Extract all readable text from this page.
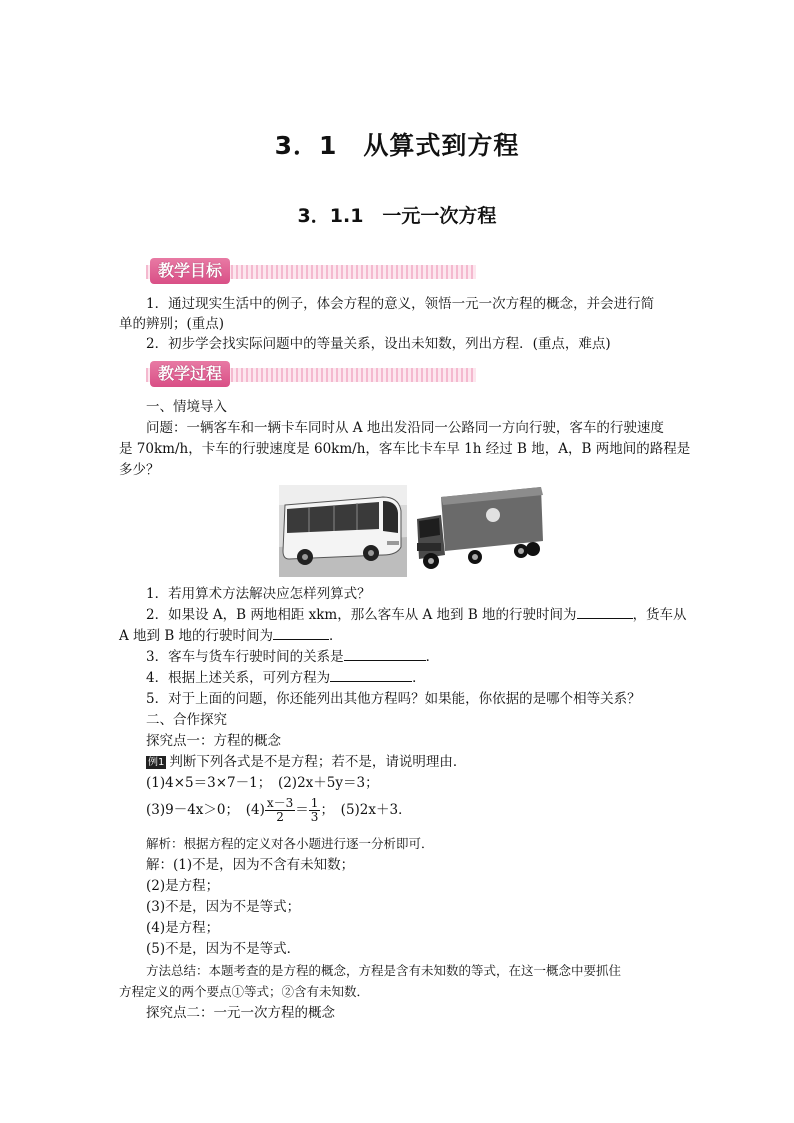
3．1　从算式到方程
3．1.1　一元一次方程
教学目标
1．通过现实生活中的例子，体会方程的意义，领悟一元一次方程的概念，并会进行简
单的辨别；(重点)
2．初步学会找实际问题中的等量关系，设出未知数，列出方程．(重点，难点)
教学过程
一、情境导入
问题：一辆客车和一辆卡车同时从 A 地出发沿同一公路同一方向行驶，客车的行驶速度
是 70km/h，卡车的行驶速度是 60km/h，客车比卡车早 1h 经过 B 地，A，B 两地间的路程是
多少？
1．若用算术方法解决应怎样列算式？
2．如果设 A，B 两地相距 xkm，那么客车从 A 地到 B 地的行驶时间为	，货车从
A 地到 B 地的行驶时间为	．
3．客车与货车行驶时间的关系是	．
4．根据上述关系，可列方程为	．
5．对于上面的问题，你还能列出其他方程吗？如果能，你依据的是哪个相等关系？
二、合作探究
探究点一：方程的概念
例1 判断下列各式是不是方程；若不是，请说明理由．
(1)4×5＝3×7－1；　(2)2x＋5y＝3；
(3)9－4x＞0；　$(4) \frac{x-3}{2} = \frac{1}{3}$ ；　(5)2x＋3．
解析：根据方程的定义对各小题进行逐一分析即可．
解：(1)不是，因为不含有未知数；
(2)是方程；
(3)不是，因为不是等式；
(4)是方程；
(5)不是，因为不是等式．
方法总结：本题考查的是方程的概念，方程是含有未知数的等式，在这一概念中要抓住
方程定义的两个要点①等式；②含有未知数．
探究点二：一元一次方程的概念
